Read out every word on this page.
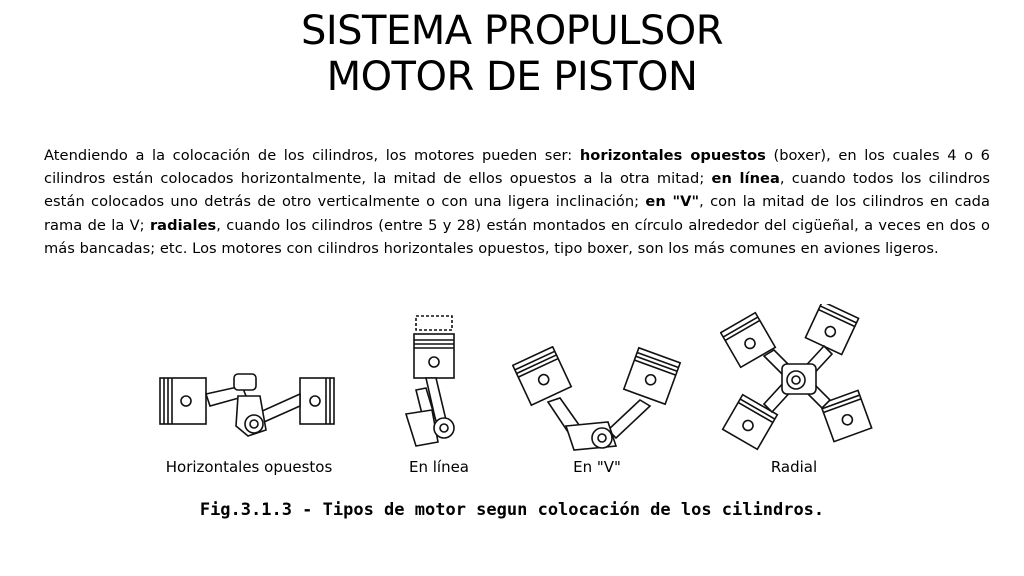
SISTEMA PROPULSOR
MOTOR DE PISTON

Atendiendo a la colocación de los cilindros, los motores pueden ser: horizontales opuestos (boxer), en los cuales 4 o 6 cilindros están colocados horizontalmente, la mitad de ellos opuestos a la otra mitad; en línea, cuando todos los cilindros están colocados uno detrás de otro verticalmente o con una ligera inclinación; en "V", con la mitad de los cilindros en cada rama de la V; radiales, cuando los cilindros (entre 5 y 28) están montados en círculo alrededor del cigüeñal, a veces en dos o más bancadas; etc. Los motores con cilindros horizontales opuestos, tipo boxer, son los más comunes en aviones ligeros.

Horizontales opuestos	En línea	En "V"	Radial
Fig.3.1.3 - Tipos de motor segun colocación de los cilindros.
